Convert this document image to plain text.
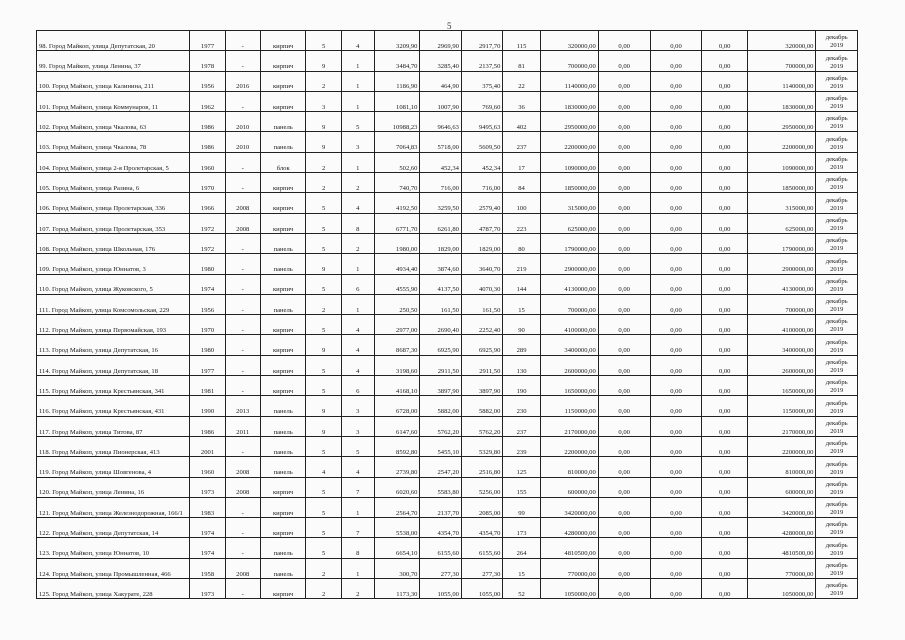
5
98. Город Майкоп, улица Депутатская, 20	1977	-	кирпич	5	4	3209,90	2969,90	2917,70	115	320000,00	0,00	0,00	0,00	320000,00	декабрь
2019

99. Город Майкоп, улица Ленина, 37	1978	-	кирпич	9	1	3484,70	3285,40	2137,50	81	700000,00	0,00	0,00	0,00	700000,00	декабрь
2019

100. Город Майкоп, улица Калинина, 211	1956	2016	кирпич	2	1	1186,90	464,90	375,40	22	1140000,00	0,00	0,00	0,00	1140000,00	декабрь
2019

101. Город Майкоп, улица Коммунаров, 11	1962	-	кирпич	3	1	1081,10	1007,90	769,60	36	1830000,00	0,00	0,00	0,00	1830000,00	декабрь
2019

102. Город Майкоп, улица Чкалова, 63	1986	2010	панель	9	5	10988,23	9646,63	9495,63	402	2950000,00	0,00	0,00	0,00	2950000,00	декабрь
2019

103. Город Майкоп, улица Чкалова, 78	1986	2010	панель	9	3	7064,83	5718,00	5609,50	237	2200000,00	0,00	0,00	0,00	2200000,00	декабрь
2019

104. Город Майкоп, улица 2-я Пролетарская, 5	1960	-	блок	2	1	502,60	452,34	452,34	17	1090000,00	0,00	0,00	0,00	1090000,00	декабрь
2019

105. Город Майкоп, улица Разина, 6	1970	-	кирпич	2	2	740,70	716,00	716,00	84	1850000,00	0,00	0,00	0,00	1850000,00	декабрь
2019

106. Город Майкоп, улица Пролетарская, 336	1966	2008	кирпич	5	4	4192,50	3259,50	2579,40	100	315000,00	0,00	0,00	0,00	315000,00	декабрь
2019

107. Город Майкоп, улица Пролетарская, 353	1972	2008	кирпич	5	8	6771,70	6261,80	4787,70	223	625000,00	0,00	0,00	0,00	625000,00	декабрь
2019

108. Город Майкоп, улица Школьная, 176	1972	-	панель	5	2	1980,00	1829,00	1829,00	80	1790000,00	0,00	0,00	0,00	1790000,00	декабрь
2019

109. Город Майкоп, улица Юннатов, 3	1980	-	панель	9	1	4934,40	3874,60	3640,70	219	2900000,00	0,00	0,00	0,00	2900000,00	декабрь
2019

110. Город Майкоп, улица Жуковского, 5	1974	-	кирпич	5	6	4555,90	4137,50	4070,30	144	4130000,00	0,00	0,00	0,00	4130000,00	декабрь
2019

111. Город Майкоп, улица Комсомольская, 229	1956	-	панель	2	1	250,50	161,50	161,50	15	700000,00	0,00	0,00	0,00	700000,00	декабрь
2019

112. Город Майкоп, улица Первомайская, 193	1970	-	кирпич	5	4	2977,00	2690,40	2252,40	90	4100000,00	0,00	0,00	0,00	4100000,00	декабрь
2019

113. Город Майкоп, улица Депутатская, 16	1980	-	кирпич	9	4	8687,30	6925,90	6925,90	289	3400000,00	0,00	0,00	0,00	3400000,00	декабрь
2019

114. Город Майкоп, улица Депутатская, 18	1977	-	кирпич	5	4	3198,60	2911,50	2911,50	130	2600000,00	0,00	0,00	0,00	2600000,00	декабрь
2019

115. Город Майкоп, улица Крестьянская, 341	1981	-	кирпич	5	6	4168,10	3897,90	3897,90	190	1650000,00	0,00	0,00	0,00	1650000,00	декабрь
2019

116. Город Майкоп, улица Крестьянская, 431	1990	2013	панель	9	3	6728,00	5882,00	5882,00	230	1150000,00	0,00	0,00	0,00	1150000,00	декабрь
2019

117. Город Майкоп, улица Титова, 87	1986	2011	панель	9	3	6147,60	5762,20	5762,20	237	2170000,00	0,00	0,00	0,00	2170000,00	декабрь
2019

118. Город Майкоп, улица Пионерская, 413	2001	-	панель	5	5	8592,80	5455,10	5329,80	239	2200000,00	0,00	0,00	0,00	2200000,00	декабрь
2019

119. Город Майкоп, улица Шовгенова, 4	1960	2008	панель	4	4	2739,80	2547,20	2516,80	125	810000,00	0,00	0,00	0,00	810000,00	декабрь
2019

120. Город Майкоп, улица Ленина, 16	1973	2008	кирпич	5	7	6020,60	5583,80	5256,00	155	600000,00	0,00	0,00	0,00	600000,00	декабрь
2019

121. Город Майкоп, улица Железнодорожная, 166/1	1983	-	кирпич	5	1	2564,70	2137,70	2085,00	99	3420000,00	0,00	0,00	0,00	3420000,00	декабрь
2019

122. Город Майкоп, улица Депутатская, 14	1974	-	кирпич	5	7	5538,00	4354,70	4354,70	173	4280000,00	0,00	0,00	0,00	4280000,00	декабрь
2019

123. Город Майкоп, улица Юннатов, 10	1974	-	панель	5	8	6654,10	6155,60	6155,60	264	4810500,00	0,00	0,00	0,00	4810500,00	декабрь
2019

124. Город Майкоп, улица Промышленная, 466	1958	2008	панель	2	1	300,70	277,30	277,30	15	770000,00	0,00	0,00	0,00	770000,00	декабрь
2019

125. Город Майкоп, улица Хакурате, 228	1973	-	кирпич	2	2	1173,30	1055,00	1055,00	52	1050000,00	0,00	0,00	0,00	1050000,00	декабрь
2019
